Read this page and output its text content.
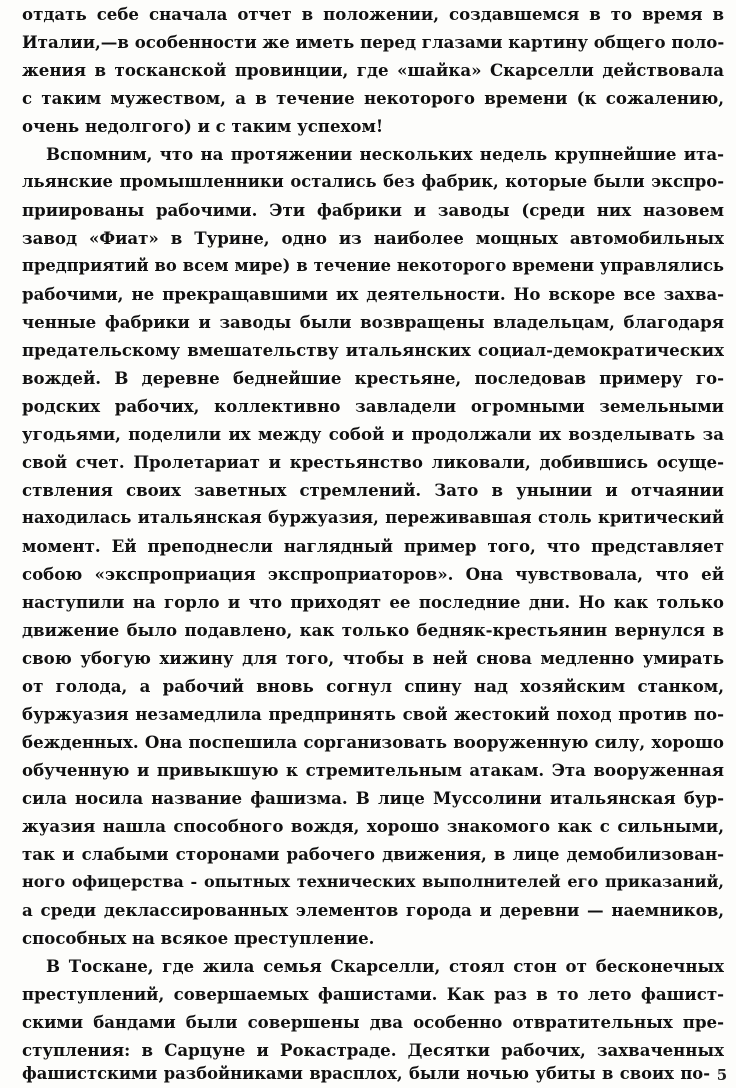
отдать себе сначала отчет в положении, создавшемся в то время в
Италии,—в особенности же иметь перед глазами картину общего поло-
жения в тосканской провинции, где «шайка» Скарселли действовала
с таким мужеством, а в течение некоторого времени (к сожалению,
очень недолгого) и с таким успехом!
Вспомним, что на протяжении нескольких недель крупнейшие ита-
льянские промышленники остались без фабрик, которые были экспро-
приированы рабочими. Эти фабрики и заводы (среди них назовем
завод «Фиат» в Турине, одно из наиболее мощных автомобильных
предприятий во всем мире) в течение некоторого времени управлялись
рабочими, не прекращавшими их деятельности. Но вскоре все захва-
ченные фабрики и заводы были возвращены владельцам, благодаря
предательскому вмешательству итальянских социал-демократических
вождей. В деревне беднейшие крестьяне, последовав примеру го-
родских рабочих, коллективно завладели огромными земельными
угодьями, поделили их между собой и продолжали их возделывать за
свой счет. Пролетариат и крестьянство ликовали, добившись осуще-
ствления своих заветных стремлений. Зато в унынии и отчаянии
находилась итальянская буржуазия, переживавшая столь критический
момент. Ей преподнесли наглядный пример того, что представляет
собою «экспроприация экспроприаторов». Она чувствовала, что ей
наступили на горло и что приходят ее последние дни. Но как только
движение было подавлено, как только бедняк-крестьянин вернулся в
свою убогую хижину для того, чтобы в ней снова медленно умирать
от голода, а рабочий вновь согнул спину над хозяйским станком,
буржуазия незамедлила предпринять свой жестокий поход против по-
бежденных. Она поспешила сорганизовать вооруженную силу, хорошо
обученную и привыкшую к стремительным атакам. Эта вооруженная
сила носила название фашизма. В лице Муссолини итальянская бур-
жуазия нашла способного вождя, хорошо знакомого как с сильными,
так и слабыми сторонами рабочего движения, в лице демобилизован-
ного офицерства - опытных технических выполнителей его приказаний,
а среди деклассированных элементов города и деревни — наемников,
способных на всякое преступление.
В Тоскане, где жила семья Скарселли, стоял стон от бесконечных
преступлений, совершаемых фашистами. Как раз в то лето фашист-
скими бандами были совершены два особенно отвратительных пре-
ступления: в Сарцуне и Рокастраде. Десятки рабочих, захваченных
фашистскими разбойниками врасплох, были ночью убиты в своих по- 5
